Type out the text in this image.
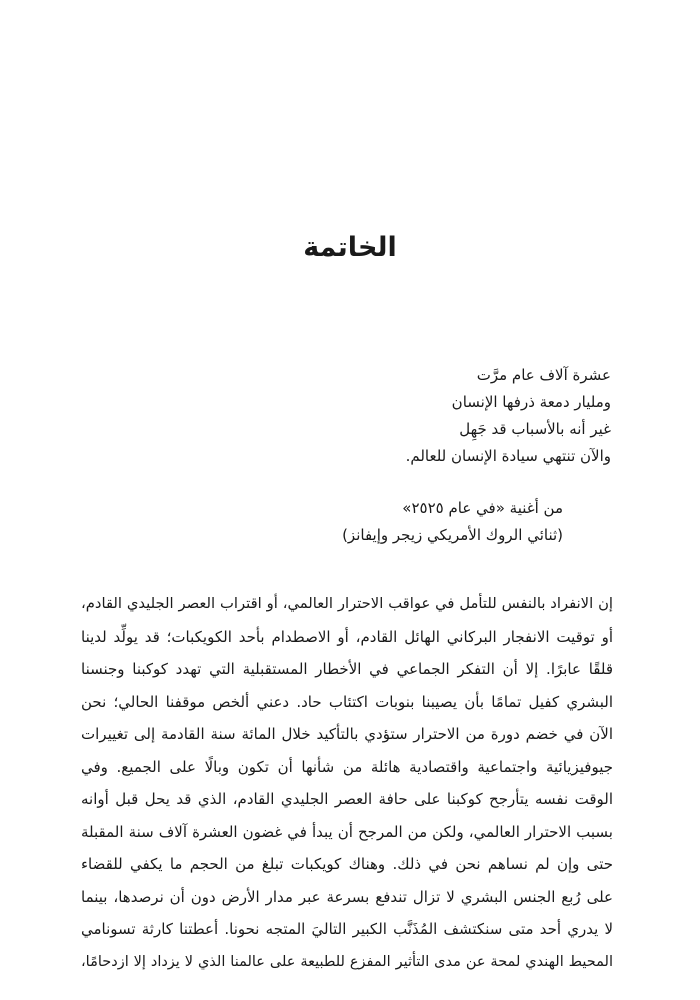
الخاتمة
عشرة آلاف عام مرَّت
ومليار دمعة ذرفها الإنسان
غير أنه بالأسباب قد جَهِل
والآن تنتهي سيادة الإنسان للعالم.
من أغنية «في عام ٢٥٢٥»
(ثنائي الروك الأمريكي زيجر وإيفانز)
إن الانفراد بالنفس للتأمل في عواقب الاحترار العالمي، أو اقتراب العصر الجليدي القادم،
أو توقيت الانفجار البركاني الهائل القادم، أو الاصطدام بأحد الكويكبات؛ قد يولِّد لدينا
قلقًا عابرًا. إلا أن التفكر الجماعي في الأخطار المستقبلية التي تهدد كوكبنا وجنسنا
البشري كفيل تمامًا بأن يصيبنا بنوبات اكتئاب حاد. دعني ألخص موقفنا الحالي؛ نحن
الآن في خضم دورة من الاحترار ستؤدي بالتأكيد خلال المائة سنة القادمة إلى تغييرات
جيوفيزيائية واجتماعية واقتصادية هائلة من شأنها أن تكون وبالًا على الجميع. وفي
الوقت نفسه يتأرجح كوكبنا على حافة العصر الجليدي القادم، الذي قد يحل قبل أوانه
بسبب الاحترار العالمي، ولكن من المرجح أن يبدأ في غضون العشرة آلاف سنة المقبلة
حتى وإن لم نساهم نحن في ذلك. وهناك كويكبات تبلغ من الحجم ما يكفي للقضاء
على رُبع الجنس البشري لا تزال تندفع بسرعة عبر مدار الأرض دون أن نرصدها، بينما
لا يدري أحد متى سنكتشف المُذَنَّب الكبير التاليَ المتجه نحونا. أعطتنا كارثة تسونامي
المحيط الهندي لمحة عن مدى التأثير المفزع للطبيعة على عالمنا الذي لا يزداد إلا ازدحامًا،
